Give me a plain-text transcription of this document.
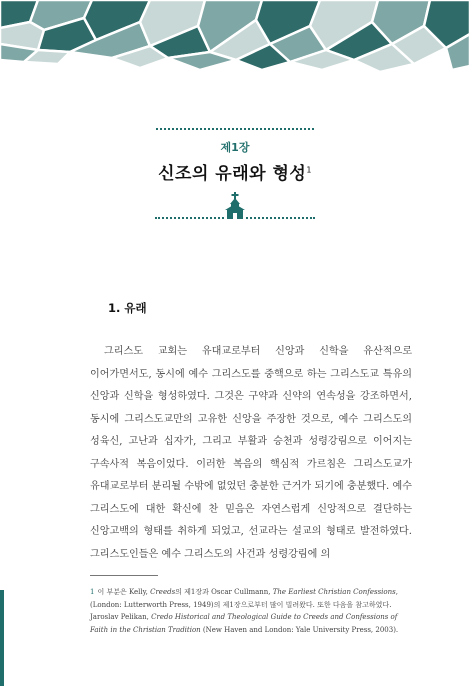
제1장
신조의 유래와 형성$^1$
1. 유래
그리스도 교회는 유대교로부터 신앙과 신학을 유산적으로 이어가면서도, 동시에 예수 그리스도를 중핵으로 하는 그리스도교 특유의 신앙과 신학을 형성하였다. 그것은 구약과 신약의 연속성을 강조하면서, 동시에 그리스도교만의 고유한 신앙을 주장한 것으로, 예수 그리스도의 성육신, 고난과 십자가, 그리고 부활과 승천과 성령강림으로 이어지는 구속사적 복음이었다. 이러한 복음의 핵심적 가르침은 그리스도교가 유대교로부터 분리될 수밖에 없었던 충분한 근거가 되기에 충분했다. 예수 그리스도에 대한 확신에 찬 믿음은 자연스럽게 신앙적으로 결단하는 신앙고백의 형태를 취하게 되었고, 선교라는 설교의 형태로 발전하였다. 그리스도인들은 예수 그리스도의 사건과 성령강림에 의
1 이 부분은 Kelly, Creeds의 제1장과 Oscar Cullmann, The Earliest Christian Confessions, (London: Lutterworth Press, 1949)의 제1장으로부터 많이 빌려왔다. 또한 다음을 참고하였다. Jaroslav Pelikan, Credo Historical and Theological Guide to Creeds and Confessions of Faith in the Christian Tradition (New Haven and London: Yale University Press, 2003).
